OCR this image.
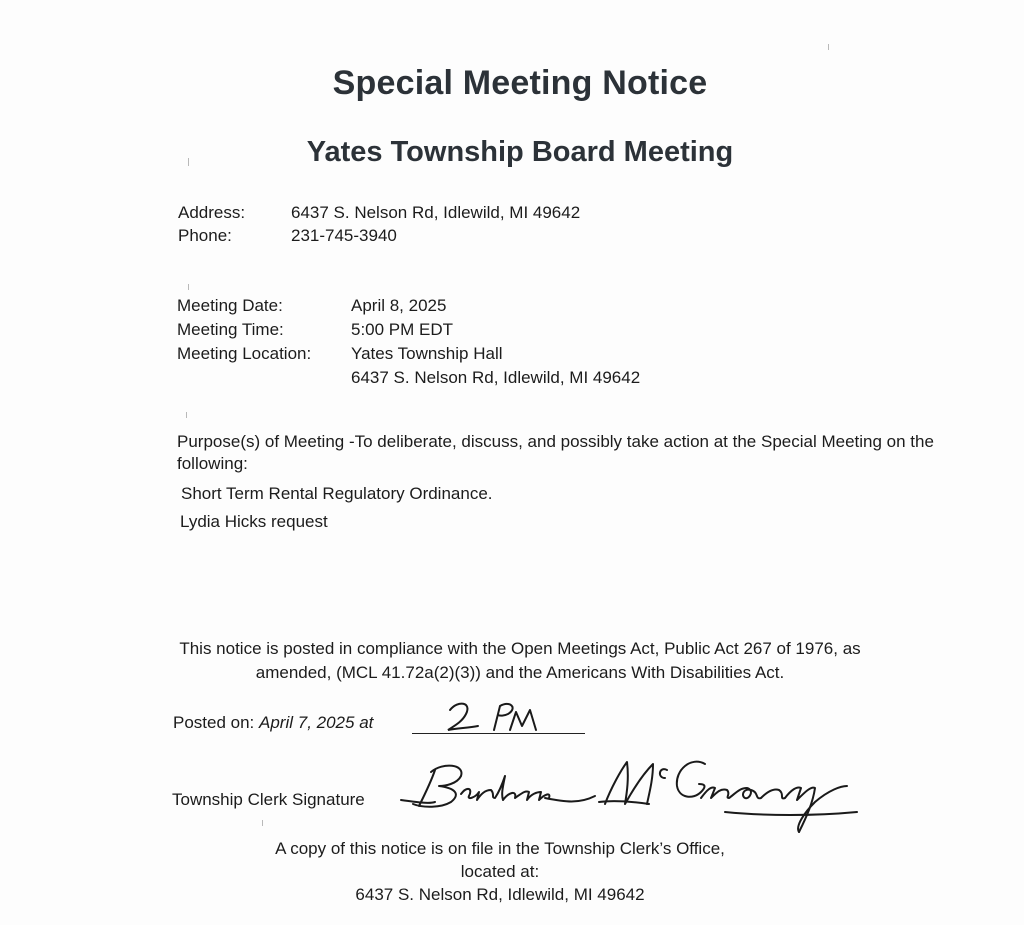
Special Meeting Notice
Yates Township Board Meeting
Address:	6437 S. Nelson Rd, Idlewild, MI 49642
Phone:	231-745-3940
Meeting Date:	April 8, 2025
Meeting Time:	5:00 PM EDT
Meeting Location: Yates Township Hall
6437 S. Nelson Rd, Idlewild, MI 49642
Purpose(s) of Meeting -To deliberate, discuss, and possibly take action at the Special Meeting on the following:
Short Term Rental Regulatory Ordinance.
Lydia Hicks request
This notice is posted in compliance with the Open Meetings Act, Public Act 267 of 1976, as
amended, (MCL 41.72a(2)(3)) and the Americans With Disabilities Act.
Posted on: April 7, 2025 at
Township Clerk Signature
A copy of this notice is on file in the Township Clerk’s Office,
located at:
6437 S. Nelson Rd, Idlewild, MI 49642
